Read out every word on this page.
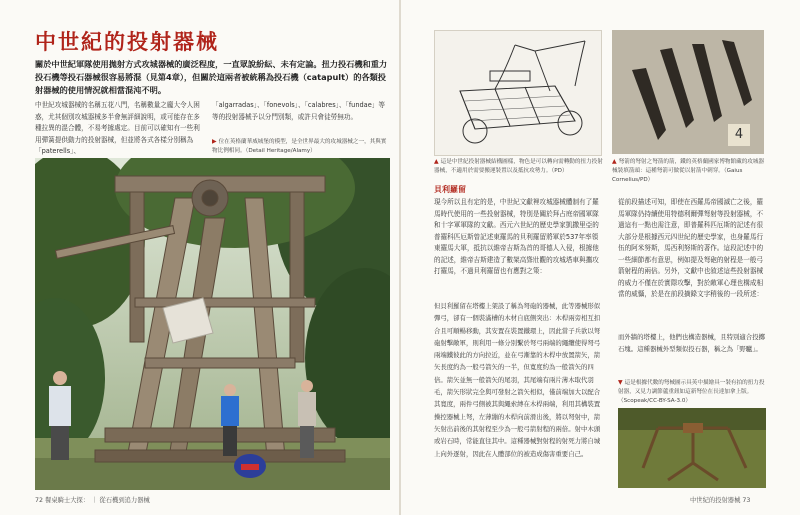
中世紀的投射器械

關於中世紀軍隊使用拋射方式攻城器械的廣泛程度，一直眾說紛紜、未有定論。扭力投石機和重力投石機等投石器械很容易將混（見第4章），但關於這兩者被統稱為投石機（catapult）的各類投射器械的使用情況就相當混沌不明。

中世紀攻城器械的名稱五花八門，名稱數量之龐大令人困惑，尤其個別攻城器械多半會無評細說明，或可能存在多種拉異的混合體，不易考據處定。目前可以確知有一些利用彈簧提供動力的投射器械，但並將各式各樣分別稱為「paterells」、

「algarradas」、「fonevols」、「calabres」、「fundae」等等的投射器械予以分門別類，或許只會徒勞無功。

▶ 位在英格蘭華威城堡的模型，是全世界最大的攻城器械之一，其與實物比例相同。（Detail Heritage/Alamy）

72 餐桌騎士大探： ｜ 從石機到追力器械

▲ 這是中世紀投射器械結構圖樣，物色是可以轉向需轉動的扭力投射器械，不適用於需要搬運裝置以及抵抗攻勢力。（PD）

4

▲ 弩箭的弩射之弩箭的箭，鐵的英格蘭國家博物館藏的攻城器械裝填箭頭：這種弩箭可做從以射箭中刺穿。（Gaius Cornelius/PD）

貝利羅留

現今所以且有定的是，中世紀文獻裡攻城器械體制有了羅馬時代使用的一些投射器械，特別是關於拜占庭帝國軍隊和十字軍軍隊的文獻。西元六世紀的歷史學家凱撒里亞的普羅科匹厄斯曾記述東羅馬的貝利羅留將軍於537年率領東羅馬大軍，抵抗以維帝吉斯為首的哥德人入侵，根據他的記述，維帝吉斯建造了數架高聳壯觀的攻城塔車與攜攻打羅馬，不過貝利羅留也有應對之策：

但貝利羅留在塔樓上架設了稱為弩砲的器械，此等器械形似彈弓，卻有一個裝滿槽的木材自底側突出：木桿兩旁相互扣合且可順暢移動，其安置在裝置鐵環上，因此當子兵欲以弩砲射擊敵軍，則利用一條分別繫於弩弓兩端的繩纜使得弩弓兩端鐵彼此的方向拉近，並在弓漸靠的木桿中放置箭矢，箭矢長度約為一般弓箭矢的一半，但寬度約為一般箭矢的四倍。箭矢並無一般箭矢的尾羽，其尾端有兩片薄木取代羽毛，箭矢形狀完全與可發射之箭矢相似，僅前端加大以配合其寬度，兩件弓側被其與繩索縛在木桿兩端，利用其構裝置操控器械上弩，左薄繃的木桿向前滑出後，將以弩射中，箭矢射出前後的其射程至少為一般弓箭射程的兩倍。射中木頭或岩石時，常能直往其中。這種器械對射程的射死力將自城上向外逐射，因此在人體部位的被造成傷害重要自己。

從前段描述可知，即使在西羅馬帝國滅亡之後，羅馬軍隊仍持續使用特德利爾彈弩射等投射器械，不過這有一點也需注意，即普羅科匹厄斯的記述有很大部分是根據西元四世紀的歷史學家，也身羅馬行伍的阿米努斯，馬西利努斯的著作。這段記述中的一些細節都有意思，例如提及弩砲的射程是一般弓箭射程的兩倍。另外，文獻中也敘述這些投射器械的威力不僅在於實際攻擊，對於敵軍心理也構成相當的威懾，於是在前段摘錄文字稍後的一段所述：

而外牆的塔樓上，他們也構造器械，且特別適合投擲石塊。這種器械外型類似投石器，稱之為「野驢」。

▼ 這是根據代數的弩械圖示具英中描繪具一裝有拍的扭力投射器，又見力調節蘆重鈕如這新弩位在長達加拿上版。（Scopeak/CC-BY-SA-3.0）

中世紀的投射器械 73
